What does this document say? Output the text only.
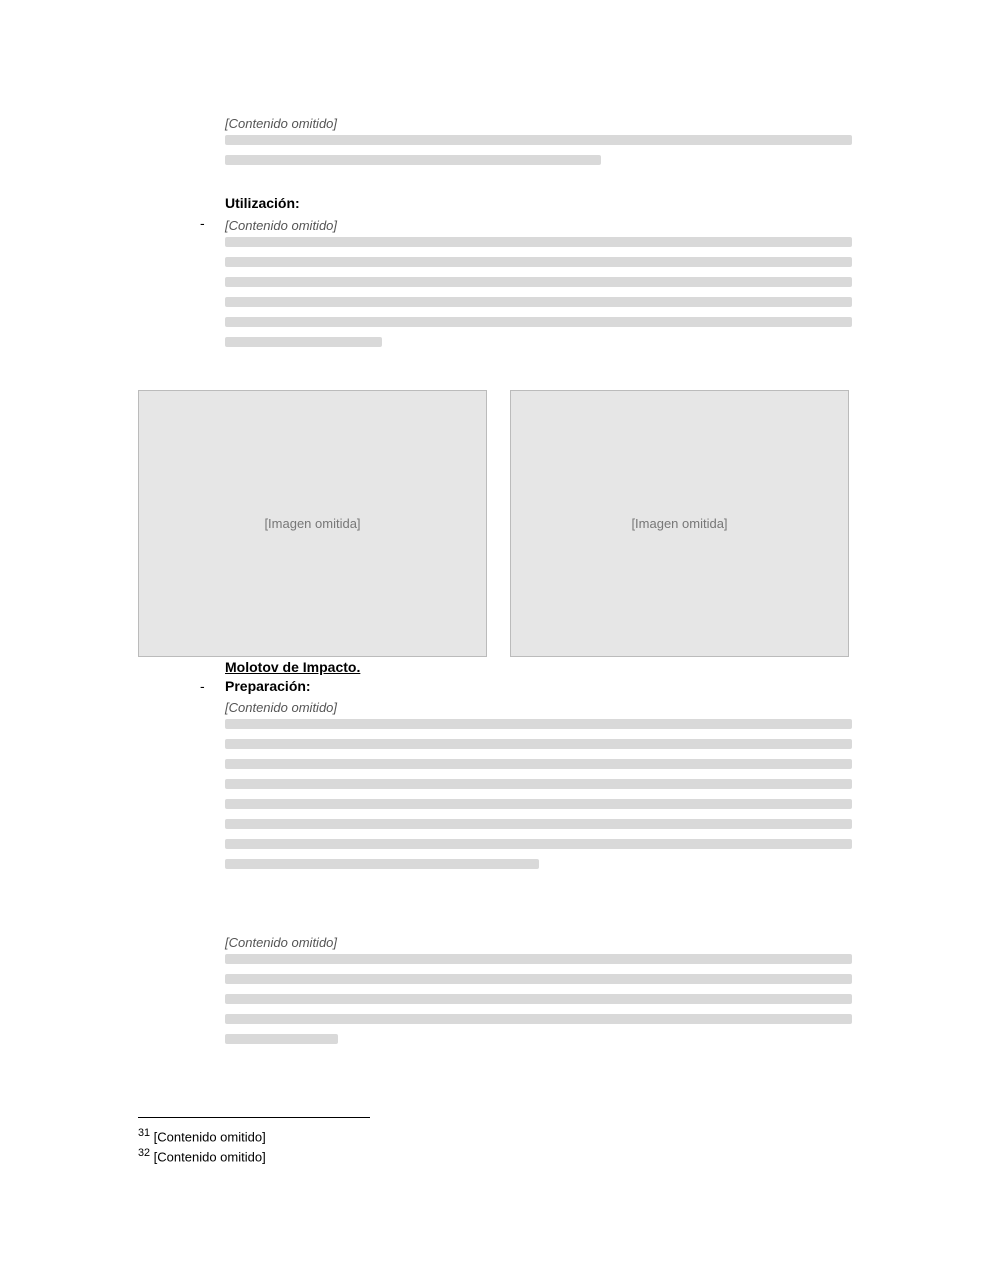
[Contenido omitido]
Utilización:
- [Contenido omitido]
[Imagen omitida]	[Imagen omitida]
Molotov de Impacto.
- Preparación:
[Contenido omitido]
[Contenido omitido]
$^{31}$ [Contenido omitido]
$^{32}$ [Contenido omitido]
